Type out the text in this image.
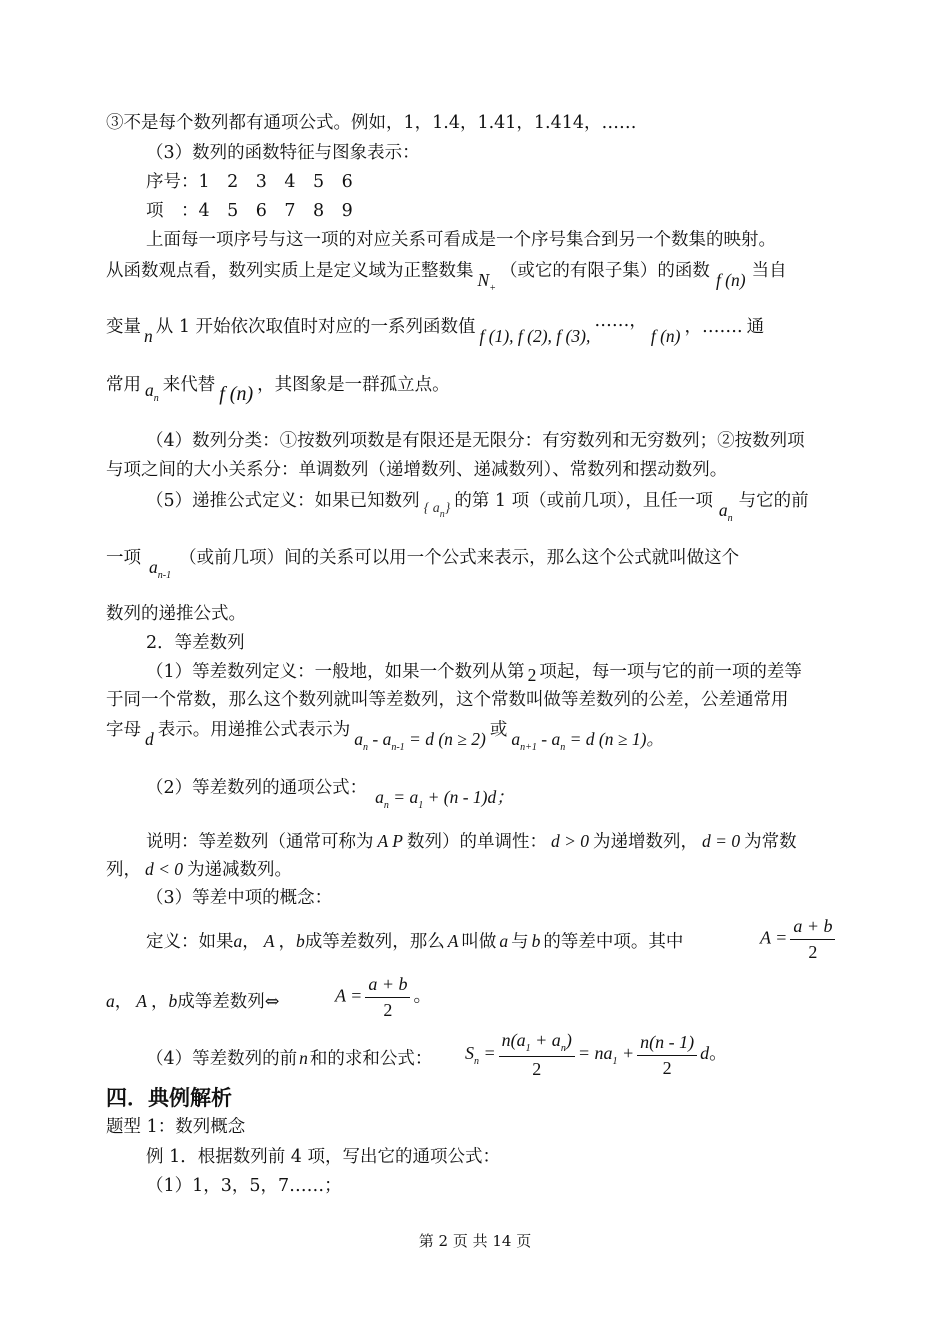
③不是每个数列都有通项公式。例如，1，1.4，1.41，1.414，……
（3）数列的函数特征与图象表示：
序号：1　2　3　4　5　6
项　：4　5　6　7　8　9
上面每一项序号与这一项的对应关系可看成是一个序号集合到另一个数集的映射。
从函数观点看，数列实质上是定义域为正整数集 $N_+$（或它的有限子集）的函数 f (n) 当自
变量 n 从 1 开始依次取值时对应的一系列函数值 f (1), f (2), f (3),……，f (n) ，……. 通
常用 $a_n$来代替 f (n) ，其图象是一群孤立点。
（4）数列分类：①按数列项数是有限还是无限分：有穷数列和无穷数列；②按数列项
与项之间的大小关系分：单调数列（递增数列、递减数列）、常数列和摆动数列。
（5）递推公式定义：如果已知数列 { $a_n$} 的第 1 项（或前几项），且任一项 $a_n$与它的前
一项 $a_{n-1}$（或前几项）间的关系可以用一个公式来表示，那么这个公式就叫做这个
数列的递推公式。
2．等差数列
（1）等差数列定义：一般地，如果一个数列从第 2 项起，每一项与它的前一项的差等
于同一个常数，那么这个数列就叫等差数列，这个常数叫做等差数列的公差，公差通常用
字母 d 表示。用递推公式表示为 $a_n - a_{n-1} = d$ (n ≥ 2) 或 $a_{n+1} - a_n = d$ (n ≥ 1)。
（2）等差数列的通项公式： $a_n = a_1 + (n - 1)d$；
说明：等差数列（通常可称为 A P 数列）的单调性： d > 0 为递增数列， d = 0 为常数
列， d < 0 为递减数列。
（3）等差中项的概念：
定义：如果a， A ，b成等差数列，那么 A 叫做 a 与 b 的等差中项。其中	$A = \frac{a + b}{2}$
a， A ，b成等差数列⇔	$A = \frac{a + b}{2}$ 。
（4）等差数列的前 n 和的求和公式： $S_n = \frac{n(a_1 + a_n)}{2} = na_1 + \frac{n(n - 1)}{2}$ d。
四．典例解析
题型 1：数列概念
例 1．根据数列前 4 项，写出它的通项公式：
（1）1，3，5，7……；
第 2 页 共 14 页
